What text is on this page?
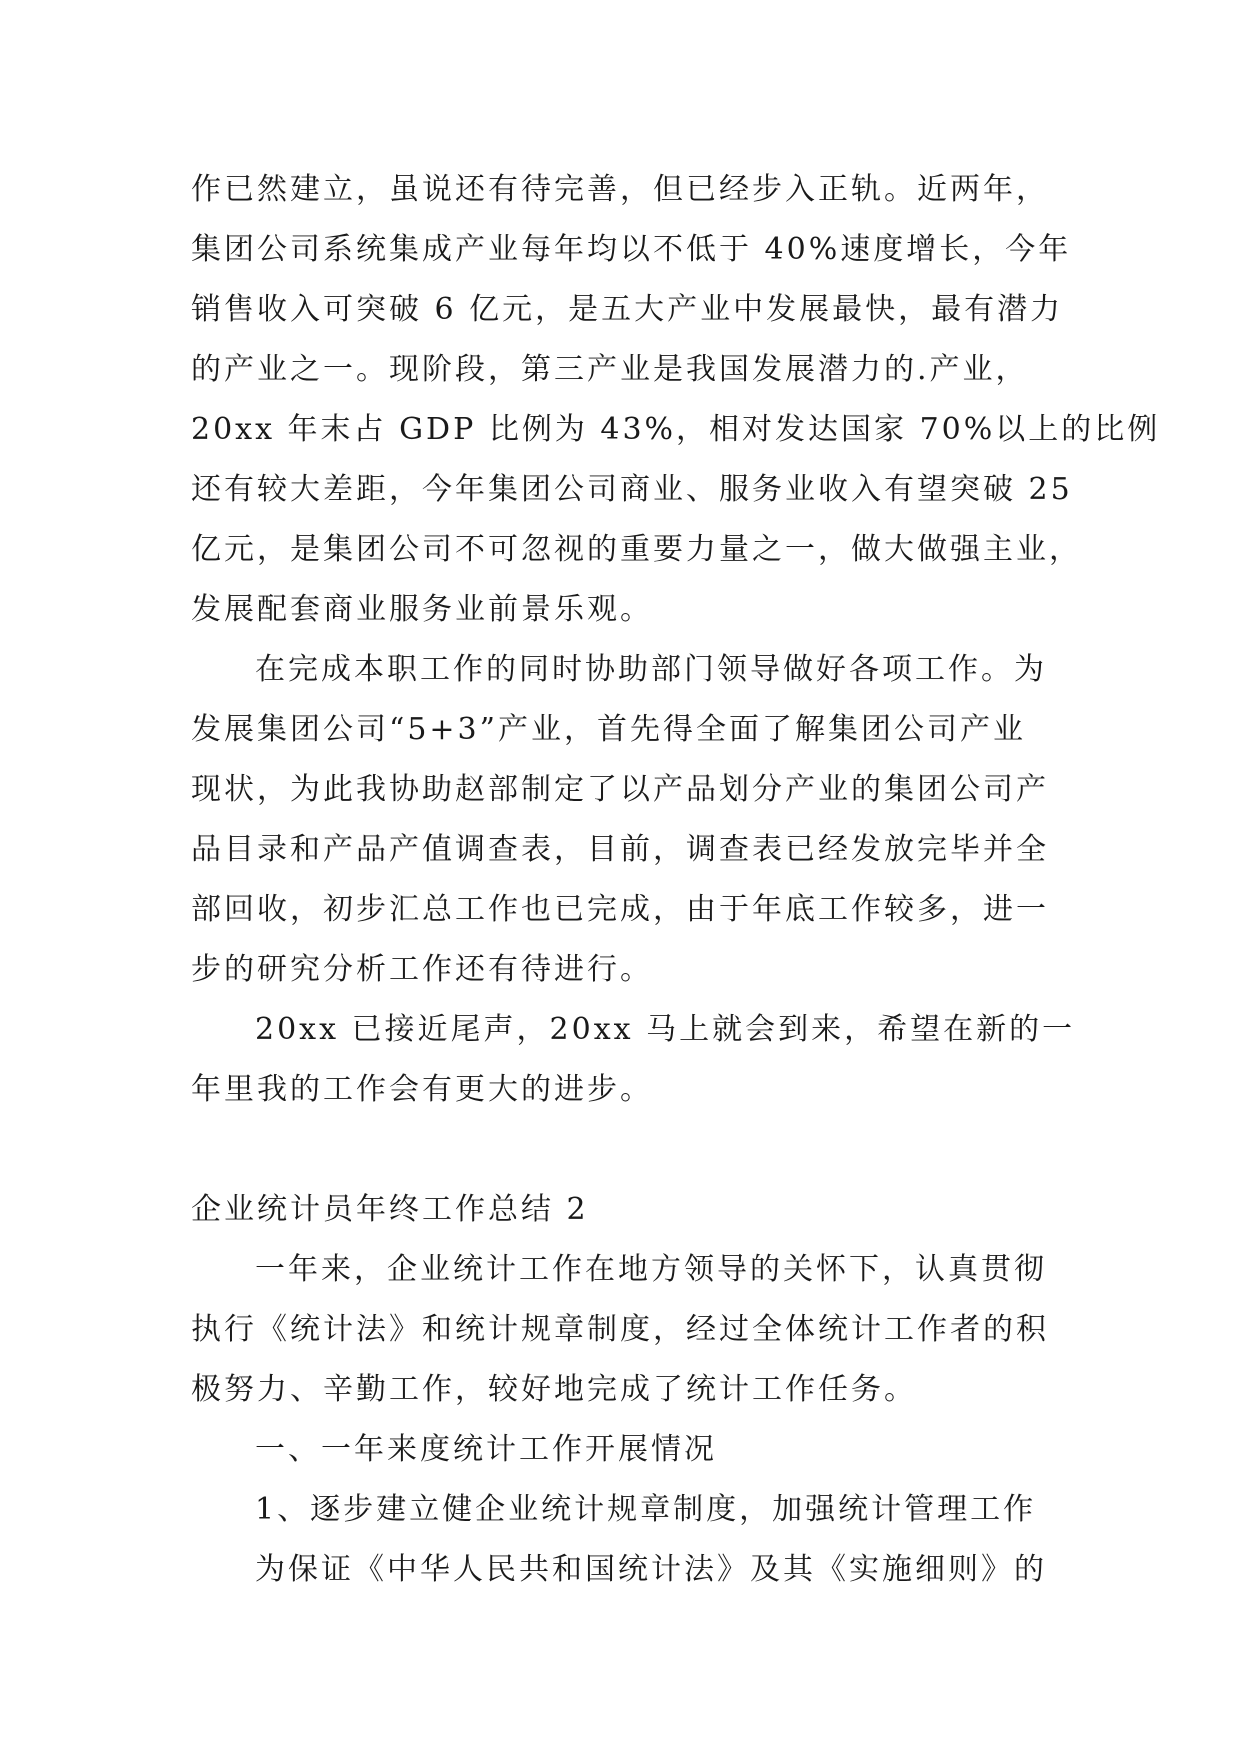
作已然建立，虽说还有待完善，但已经步入正轨。近两年，
集团公司系统集成产业每年均以不低于 40%速度增长，今年
销售收入可突破 6 亿元，是五大产业中发展最快，最有潜力
的产业之一。现阶段，第三产业是我国发展潜力的.产业，
20xx 年末占 GDP 比例为 43%，相对发达国家 70%以上的比例
还有较大差距，今年集团公司商业、服务业收入有望突破 25
亿元，是集团公司不可忽视的重要力量之一，做大做强主业，
发展配套商业服务业前景乐观。
在完成本职工作的同时协助部门领导做好各项工作。为
发展集团公司“5+3”产业，首先得全面了解集团公司产业
现状，为此我协助赵部制定了以产品划分产业的集团公司产
品目录和产品产值调查表，目前，调查表已经发放完毕并全
部回收，初步汇总工作也已完成，由于年底工作较多，进一
步的研究分析工作还有待进行。
20xx 已接近尾声，20xx 马上就会到来，希望在新的一
年里我的工作会有更大的进步。
企业统计员年终工作总结 2
一年来，企业统计工作在地方领导的关怀下，认真贯彻
执行《统计法》和统计规章制度，经过全体统计工作者的积
极努力、辛勤工作，较好地完成了统计工作任务。
一、一年来度统计工作开展情况
1、逐步建立健企业统计规章制度，加强统计管理工作
为保证《中华人民共和国统计法》及其《实施细则》的
